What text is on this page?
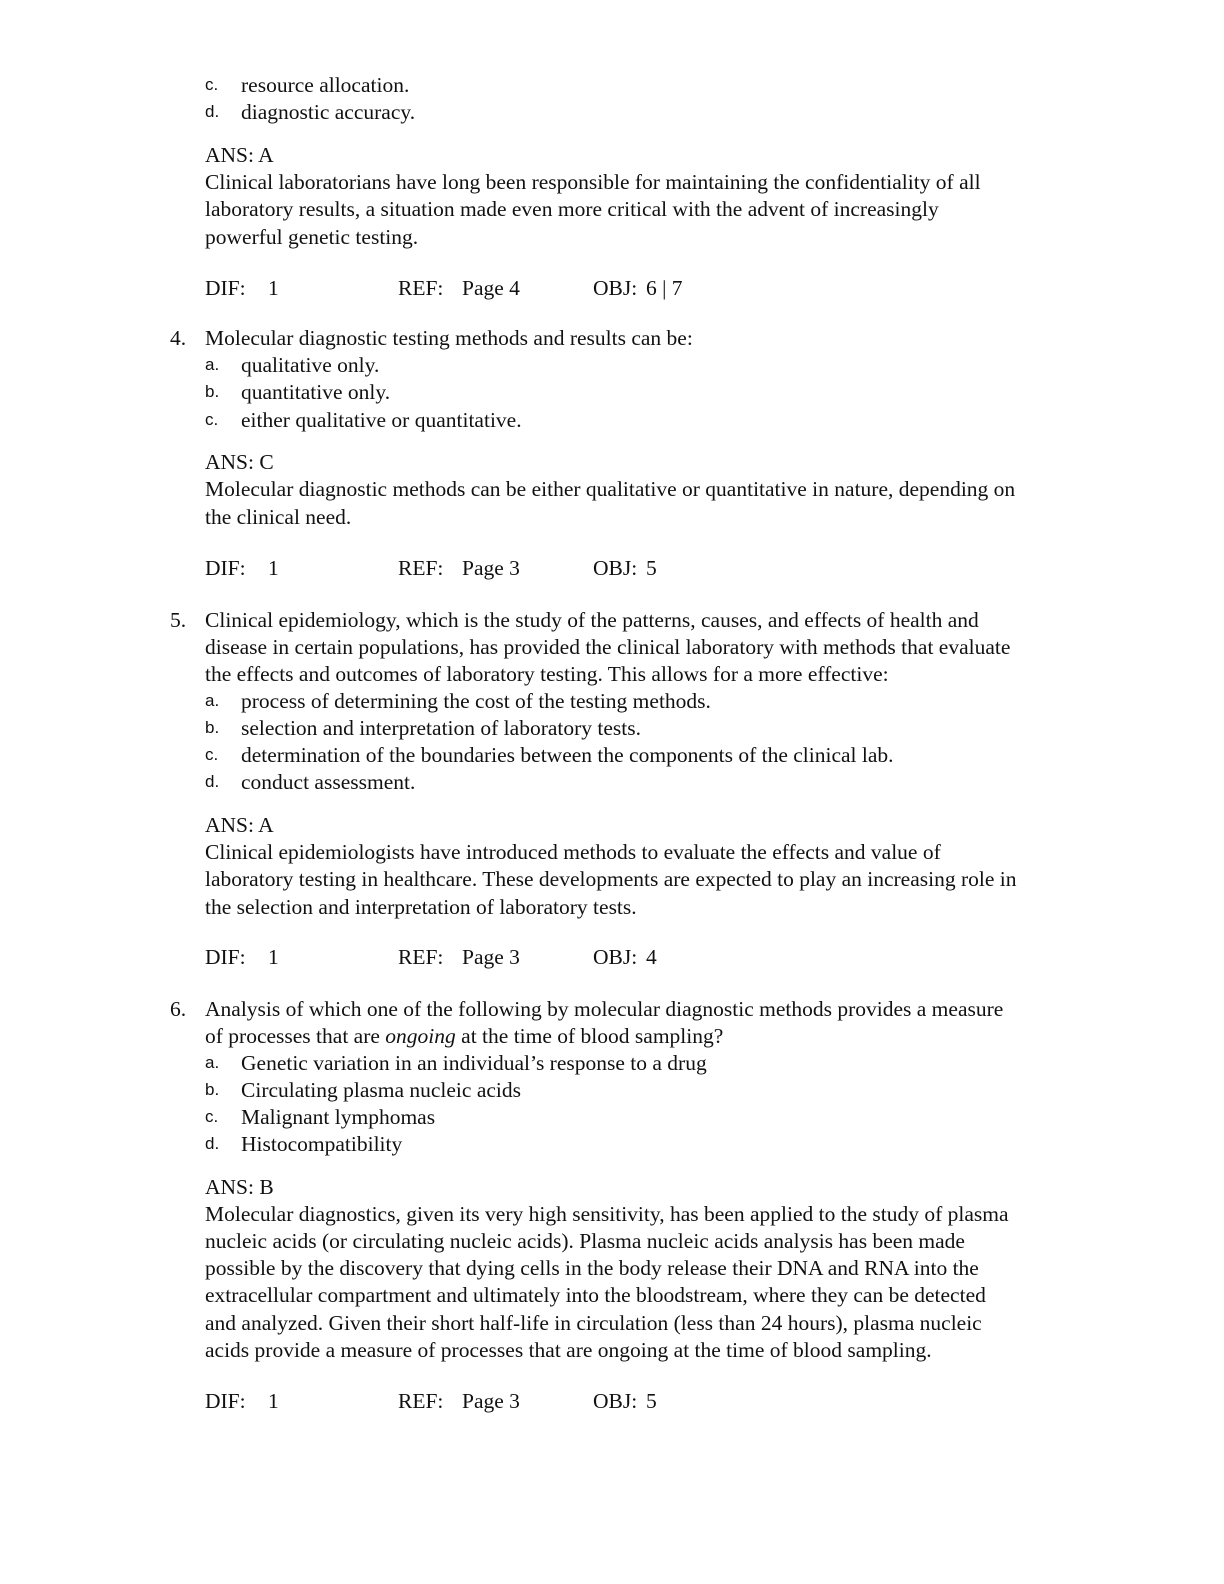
c. resource allocation.
d. diagnostic accuracy.
ANS: A
Clinical laboratorians have long been responsible for maintaining the confidentiality of all
laboratory results, a situation made even more critical with the advent of increasingly
powerful genetic testing.
DIF: 1	REF: Page 4	OBJ: 6 | 7
4. Molecular diagnostic testing methods and results can be:
a. qualitative only.
b. quantitative only.
c. either qualitative or quantitative.
ANS: C
Molecular diagnostic methods can be either qualitative or quantitative in nature, depending on
the clinical need.
DIF: 1	REF: Page 3	OBJ: 5
5. Clinical epidemiology, which is the study of the patterns, causes, and effects of health and
disease in certain populations, has provided the clinical laboratory with methods that evaluate
the effects and outcomes of laboratory testing. This allows for a more effective:
a. process of determining the cost of the testing methods.
b. selection and interpretation of laboratory tests.
c. determination of the boundaries between the components of the clinical lab.
d. conduct assessment.
ANS: A
Clinical epidemiologists have introduced methods to evaluate the effects and value of
laboratory testing in healthcare. These developments are expected to play an increasing role in
the selection and interpretation of laboratory tests.
DIF: 1	REF: Page 3	OBJ: 4
6. Analysis of which one of the following by molecular diagnostic methods provides a measure
of processes that are ongoing at the time of blood sampling?
a. Genetic variation in an individual’s response to a drug
b. Circulating plasma nucleic acids
c. Malignant lymphomas
d. Histocompatibility
ANS: B
Molecular diagnostics, given its very high sensitivity, has been applied to the study of plasma
nucleic acids (or circulating nucleic acids). Plasma nucleic acids analysis has been made
possible by the discovery that dying cells in the body release their DNA and RNA into the
extracellular compartment and ultimately into the bloodstream, where they can be detected
and analyzed. Given their short half-life in circulation (less than 24 hours), plasma nucleic
acids provide a measure of processes that are ongoing at the time of blood sampling.
DIF: 1	REF: Page 3	OBJ: 5
